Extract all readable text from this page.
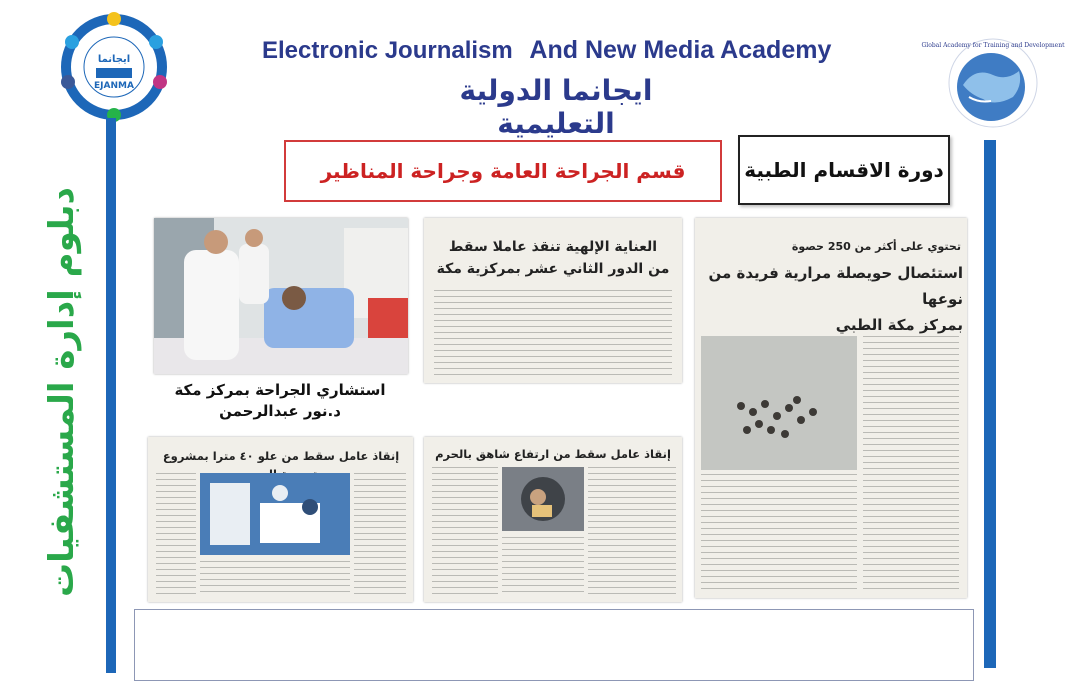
ايجانما
EJANMA
Global Academy for Training and Development
Electronic Journalism And New Media Academy
ايجانما الدولية التعليمية
دبلوم إدارة المستشفيات
قسم الجراحة العامة وجراحة المناظير	دورة الاقسام الطبية
استشاري الجراحة بمركز مكة
د.نور عبدالرحمن
العناية الإلهية تنقذ عاملا سقط
من الدور الثاني عشر بمركزية مكة
تحتوي على أكثر من 250 حصوة
استئصال حويصلة مرارية فريدة من نوعها
بمركز مكة الطبي
إنقاذ عامل سقط من علو ٤٠ مترا بمشروع	إنقاذ عامل سقط من ارتفاع شاهق بالحرم
